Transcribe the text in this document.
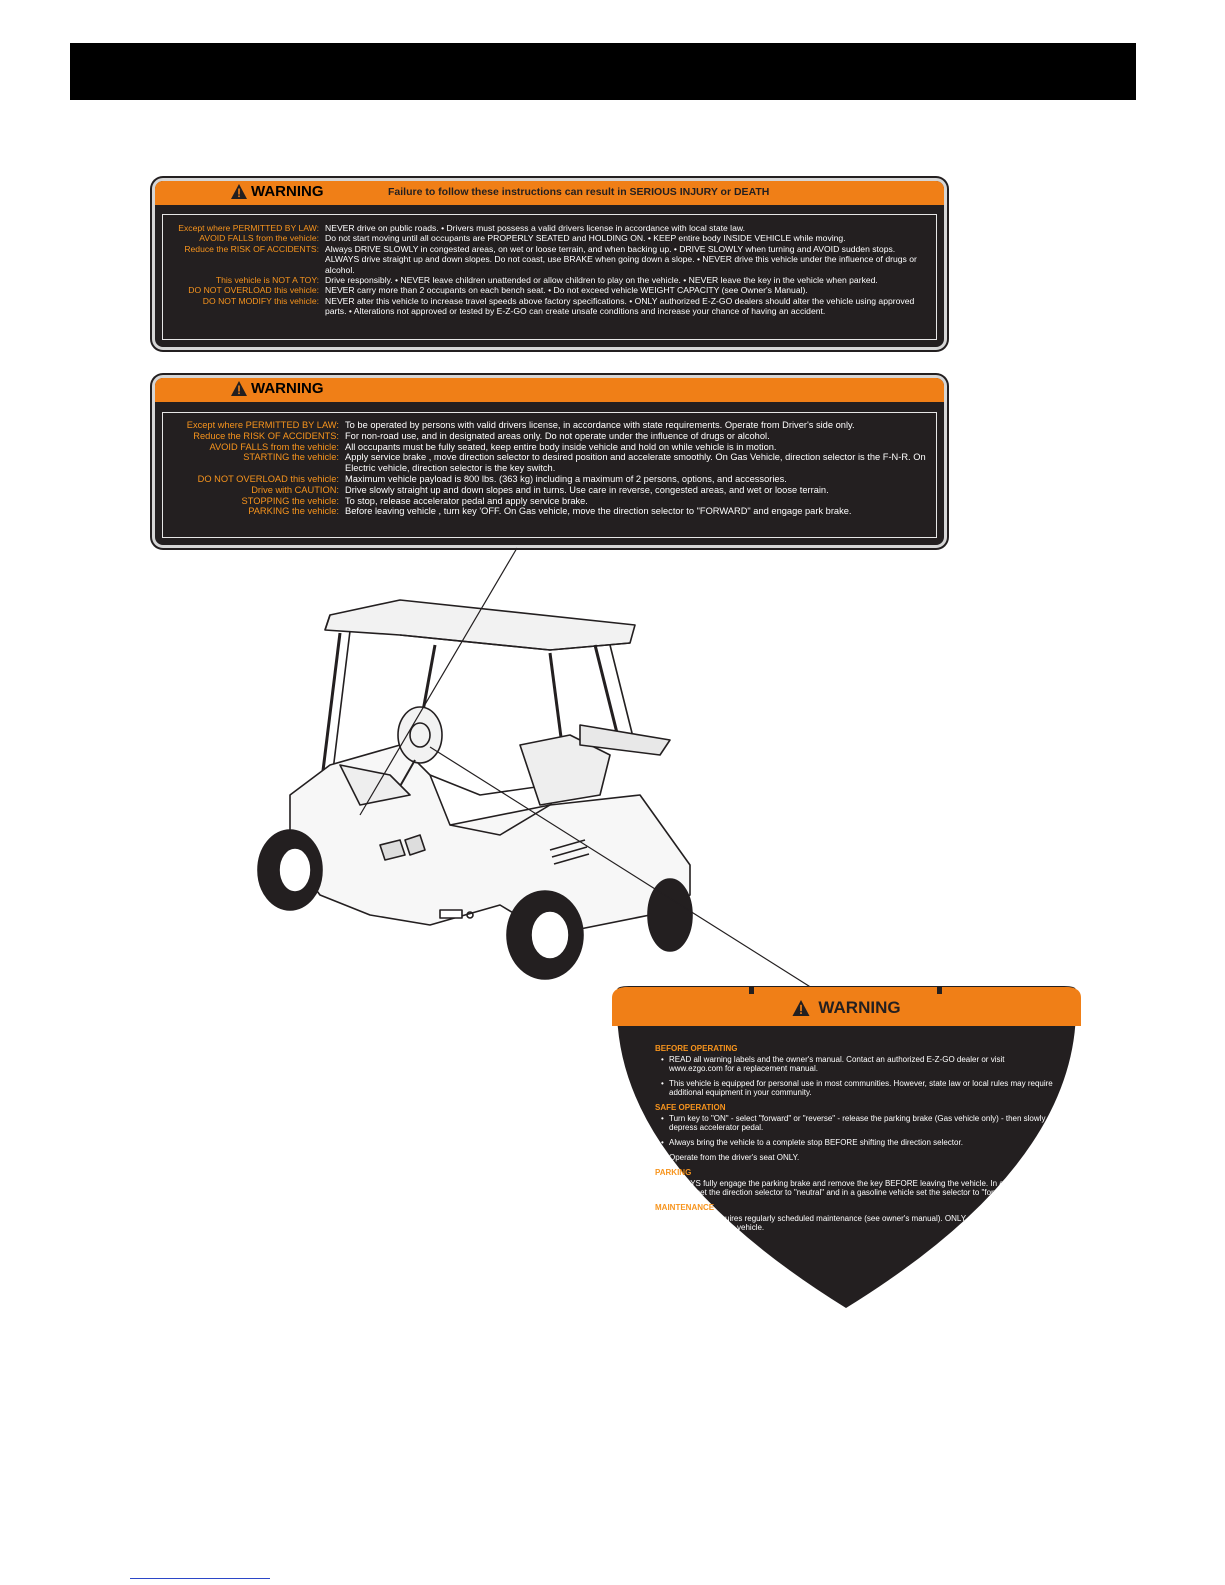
WARNING	Failure to follow these instructions can result in SERIOUS INJURY or DEATH
Except where PERMITTED BY LAW: NEVER drive on public roads. • Drivers must possess a valid drivers license in accordance with local state law.
AVOID FALLS from the vehicle: Do not start moving until all occupants are PROPERLY SEATED and HOLDING ON. • KEEP entire body INSIDE VEHICLE while moving.
Reduce the RISK OF ACCIDENTS: Always DRIVE SLOWLY in congested areas, on wet or loose terrain, and when backing up. • DRIVE SLOWLY when turning and AVOID sudden stops. ALWAYS drive straight up and down slopes. Do not coast, use BRAKE when going down a slope. • NEVER drive this vehicle under the influence of drugs or alcohol.
This vehicle is NOT A TOY: Drive responsibly. • NEVER leave children unattended or allow children to play on the vehicle. • NEVER leave the key in the vehicle when parked.
DO NOT OVERLOAD this vehicle: NEVER carry more than 2 occupants on each bench seat. • Do not exceed vehicle WEIGHT CAPACITY (see Owner's Manual).
DO NOT MODIFY this vehicle: NEVER alter this vehicle to increase travel speeds above factory specifications. • ONLY authorized E-Z-GO dealers should alter the vehicle using approved parts. • Alterations not approved or tested by E-Z-GO can create unsafe conditions and increase your chance of having an accident.
WARNING
Except where PERMITTED BY LAW: To be operated by persons with valid drivers license, in accordance with state requirements. Operate from Driver's side only.
Reduce the RISK OF ACCIDENTS: For non-road use, and in designated areas only. Do not operate under the influence of drugs or alcohol.
AVOID FALLS from the vehicle: All occupants must be fully seated, keep entire body inside vehicle and hold on while vehicle is in motion.
STARTING the vehicle: Apply service brake , move direction selector to desired position and accelerate smoothly. On Gas Vehicle, direction selector is the F-N-R. On Electric vehicle, direction selector is the key switch.
DO NOT OVERLOAD this vehicle: Maximum vehicle payload is 800 lbs. (363 kg) including a maximum of 2 persons, options, and accessories.
Drive with CAUTION: Drive slowly straight up and down slopes and in turns. Use care in reverse, congested areas, and wet or loose terrain.
STOPPING the vehicle: To stop, release accelerator pedal and apply service brake.
PARKING the vehicle: Before leaving vehicle , turn key 'OFF. On Gas vehicle, move the direction selector to "FORWARD" and engage park brake.
WARNING
BEFORE OPERATING
• READ all warning labels and the owner's manual. Contact an authorized E-Z-GO dealer or visit www.ezgo.com for a replacement manual.
• This vehicle is equipped for personal use in most communities. However, state law or local rules may require additional equipment in your community.
SAFE OPERATION
• Turn key to "ON" - select "forward" or "reverse" - release the parking brake (Gas vehicle only) - then slowly depress accelerator pedal.
• Always bring the vehicle to a complete stop BEFORE shifting the direction selector.
• Operate from the driver's seat ONLY.
PARKING
• ALWAYS fully engage the parking brake and remove the key BEFORE leaving the vehicle. In an electric vehicle set the direction selector to "neutral" and in a gasoline vehicle set the selector to "forward."
MAINTENANCE
• This vehicle requires regularly scheduled maintenance (see owner's manual). ONLY qualified personnel should service this vehicle.
